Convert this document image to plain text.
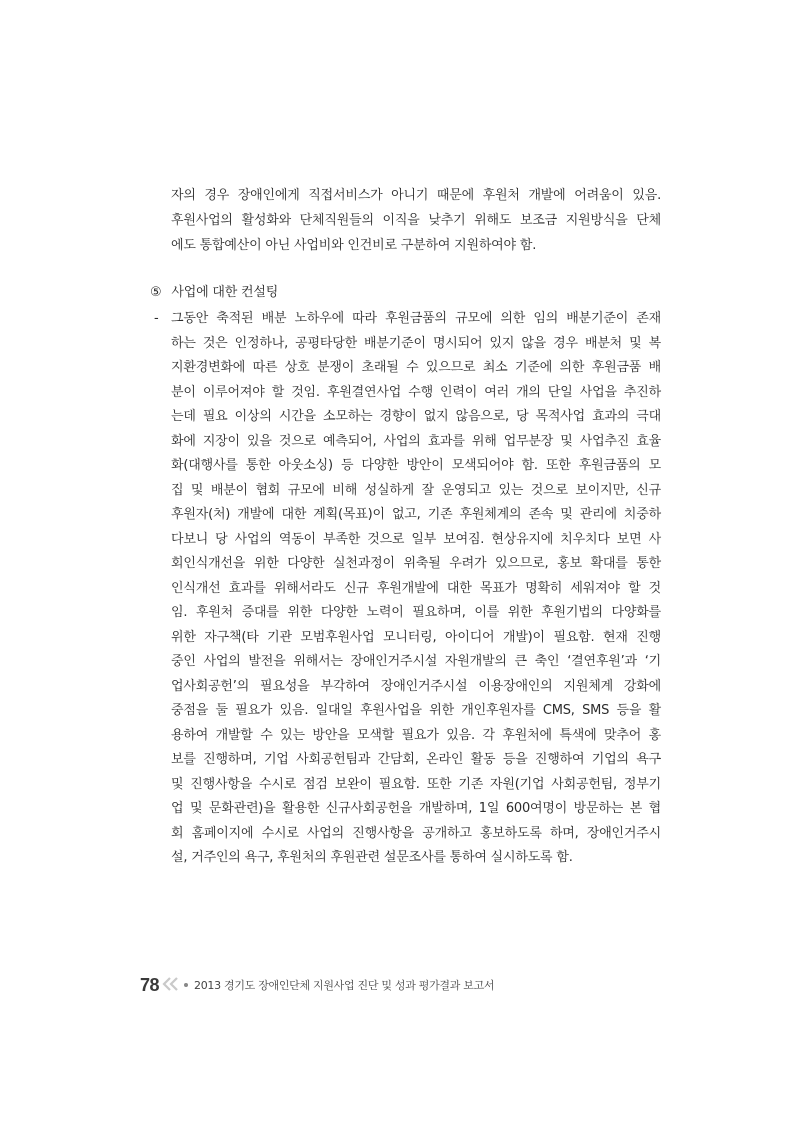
자의 경우 장애인에게 직접서비스가 아니기 때문에 후원처 개발에 어려움이 있음.
후원사업의 활성화와 단체직원들의 이직을 낮추기 위해도 보조금 지원방식을 단체
에도 통합예산이 아닌 사업비와 인건비로 구분하여 지원하여야 함.
⑤ 사업에 대한 컨설팅
- 그동안 축적된 배분 노하우에 따라 후원금품의 규모에 의한 임의 배분기준이 존재
하는 것은 인정하나, 공평타당한 배분기준이 명시되어 있지 않을 경우 배분처 및 복
지환경변화에 따른 상호 분쟁이 초래될 수 있으므로 최소 기준에 의한 후원금품 배
분이 이루어져야 할 것임. 후원결연사업 수행 인력이 여러 개의 단일 사업을 추진하
는데 필요 이상의 시간을 소모하는 경향이 없지 않음으로, 당 목적사업 효과의 극대
화에 지장이 있을 것으로 예측되어, 사업의 효과를 위해 업무분장 및 사업추진 효율
화(대행사를 통한 아웃소싱) 등 다양한 방안이 모색되어야 함. 또한 후원금품의 모
집 및 배분이 협회 규모에 비해 성실하게 잘 운영되고 있는 것으로 보이지만, 신규
후원자(처) 개발에 대한 계획(목표)이 없고, 기존 후원체계의 존속 및 관리에 치중하
다보니 당 사업의 역동이 부족한 것으로 일부 보여짐. 현상유지에 치우치다 보면 사
회인식개선을 위한 다양한 실천과정이 위축될 우려가 있으므로, 홍보 확대를 통한
인식개선 효과를 위해서라도 신규 후원개발에 대한 목표가 명확히 세워져야 할 것
임. 후원처 증대를 위한 다양한 노력이 필요하며, 이를 위한 후원기법의 다양화를
위한 자구책(타 기관 모범후원사업 모니터링, 아이디어 개발)이 필요함. 현재 진행
중인 사업의 발전을 위해서는 장애인거주시설 자원개발의 큰 축인 ‘결연후원’과 ‘기
업사회공헌’의 필요성을 부각하여 장애인거주시설 이용장애인의 지원체계 강화에
중점을 둘 필요가 있음. 일대일 후원사업을 위한 개인후원자를 CMS, SMS 등을 활
용하여 개발할 수 있는 방안을 모색할 필요가 있음. 각 후원처에 특색에 맞추어 홍
보를 진행하며, 기업 사회공헌팀과 간담회, 온라인 활동 등을 진행하여 기업의 욕구
및 진행사항을 수시로 점검 보완이 필요함. 또한 기존 자원(기업 사회공헌팀, 정부기
업 및 문화관련)을 활용한 신규사회공헌을 개발하며, 1일 600여명이 방문하는 본 협
회 홈페이지에 수시로 사업의 진행사항을 공개하고 홍보하도록 하며, 장애인거주시
설, 거주인의 욕구, 후원처의 후원관련 설문조사를 통하여 실시하도록 함.
78	2013 경기도 장애인단체 지원사업 진단 및 성과 평가결과 보고서
